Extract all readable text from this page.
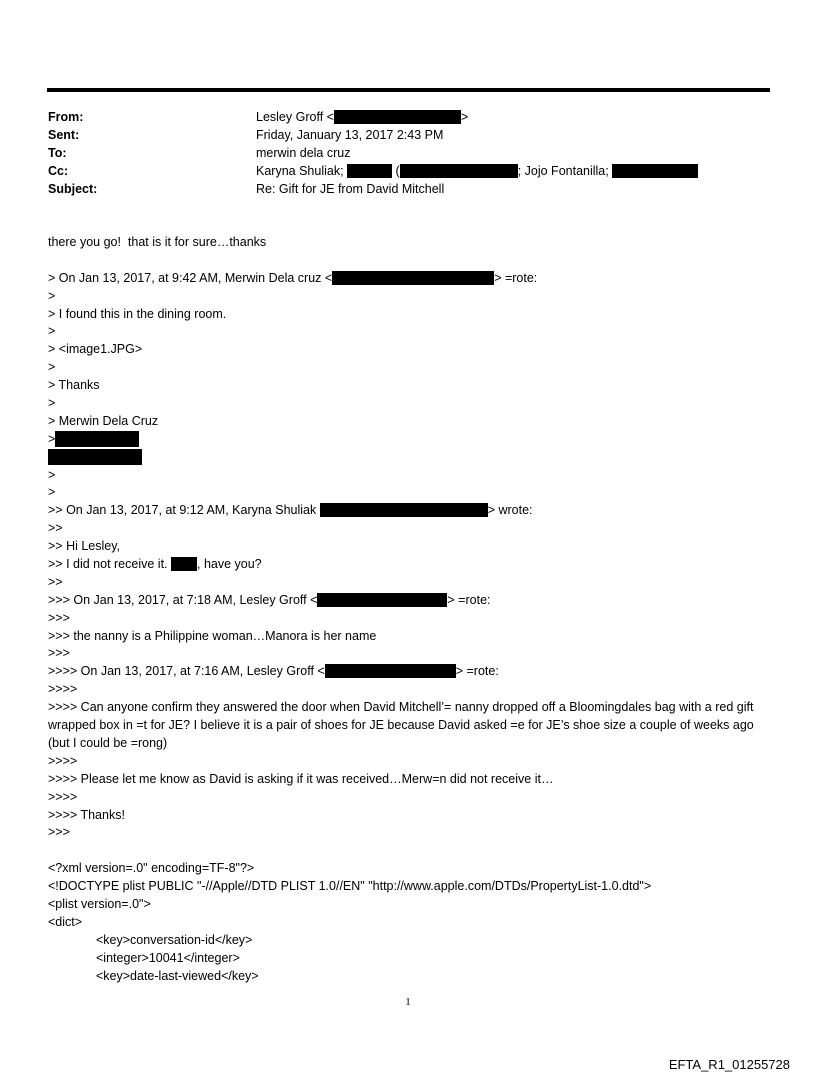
From:	Lesley Groff <	>
Sent:	Friday, January 13, 2017 2:43 PM
To:	merwin dela cruz
Cc:	Karyna Shuliak;	(	; Jojo Fontanilla;
Subject:	Re: Gift for JE from David Mitchell
there you go!  that is it for sure…thanks
> On Jan 13, 2017, at 9:42 AM, Merwin Dela cruz <	> =rote:
>
> I found this in the dining room.
>
> <image1.JPG>
>
> Thanks
>
> Merwin Dela Cruz
>
>
>
>> On Jan 13, 2017, at 9:12 AM, Karyna Shuliak	> wrote:
>>
>> Hi Lesley,
>> I did not receive it. , have you?
>>
>>> On Jan 13, 2017, at 7:18 AM, Lesley Groff <	> =rote:
>>>
>>> the nanny is a Philippine woman…Manora is her name
>>>
>>>> On Jan 13, 2017, at 7:16 AM, Lesley Groff <	> =rote:
>>>>
>>>> Can anyone confirm they answered the door when David Mitchell’= nanny dropped off a Bloomingdales bag with a red gift wrapped box in =t for JE? I believe it is a pair of shoes for JE because David asked =e for JE’s shoe size a couple of weeks ago (but I could be =rong)
>>>>
>>>> Please let me know as David is asking if it was received…Merw=n did not receive it…
>>>>
>>>> Thanks!
>>>
<?xml version=.0" encoding=TF-8"?>
<!DOCTYPE plist PUBLIC "-//Apple//DTD PLIST 1.0//EN" "http://www.apple.com/DTDs/PropertyList-1.0.dtd">
<plist version=.0">
<dict>
<key>conversation-id</key>
<integer>10041</integer>
<key>date-last-viewed</key>
1
EFTA_R1_01255728
